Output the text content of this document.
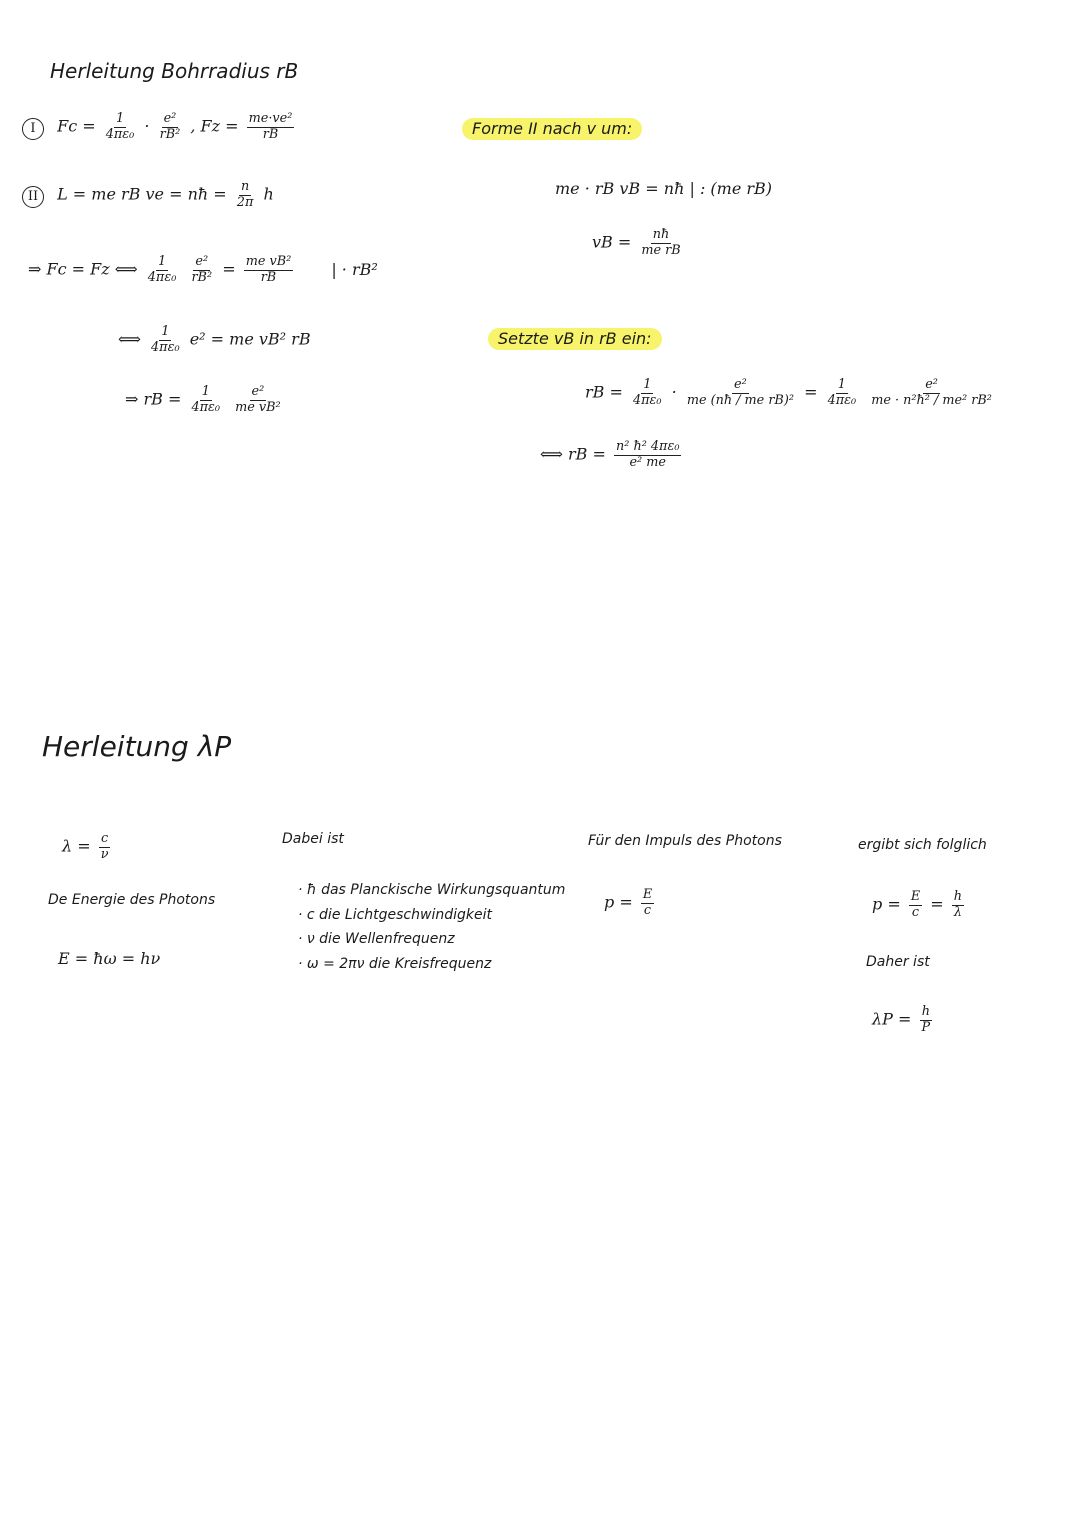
Herleitung Bohrradius rB
I $Fc = \frac{1}{\text{4πε₀}} \cdot \frac{\text{e²}}{\text{rB²}}$ , $Fz = \frac{\text{me·ve²}}{rB}$
II L = me rB ve = nħ = $\frac{n}{2\pi}$ h
⇒ Fc = Fz ⟺ $\frac{1}{\text{4πε₀}}$
$\frac{\text{e²}}{\text{rB²}} = \frac{\text{me vB²}}{rB}$ | · rB²
⟺ $\frac{1}{\text{4πε₀}} e^2$ = me vB² rB
⇒ rB = $\frac{1}{\text{4πε₀}}$
$\frac{\text{e²}}{\text{me vB²}}$
Forme II nach v um:
me · rB vB = nħ | : (me rB)
vB = $\frac{nħ}{\text{me rB}}$
Setzte vB in rB ein:
rB = $\frac{1}{\text{4πε₀}} \cdot \frac{\text{e²}}{\text{me (nħ / me rB)²}} = \frac{1}{\text{4πε₀}}$
$\frac{\text{e²}}{\text{me · n²ħ² / me² rB²}}$
⟺ rB = $\frac{\text{n² ħ² 4πε₀}}{\text{e² me}}$
Herleitung λP
$\lambda = \frac{c}{\nu}$
De Energie des Photons
E = ħω = hν
Dabei ist
· ħ das Planckische Wirkungsquantum
· c die Lichtgeschwindigkeit
· ν die Wellenfrequenz
· ω = 2πν die Kreisfrequenz
Für den Impuls des Photons
$p = \frac{E}{c}$
ergibt sich folglich
$p = \frac{E}{c} = \frac{h}{\lambda}$
Daher ist
$\lambda P = \frac{h}{P}$
